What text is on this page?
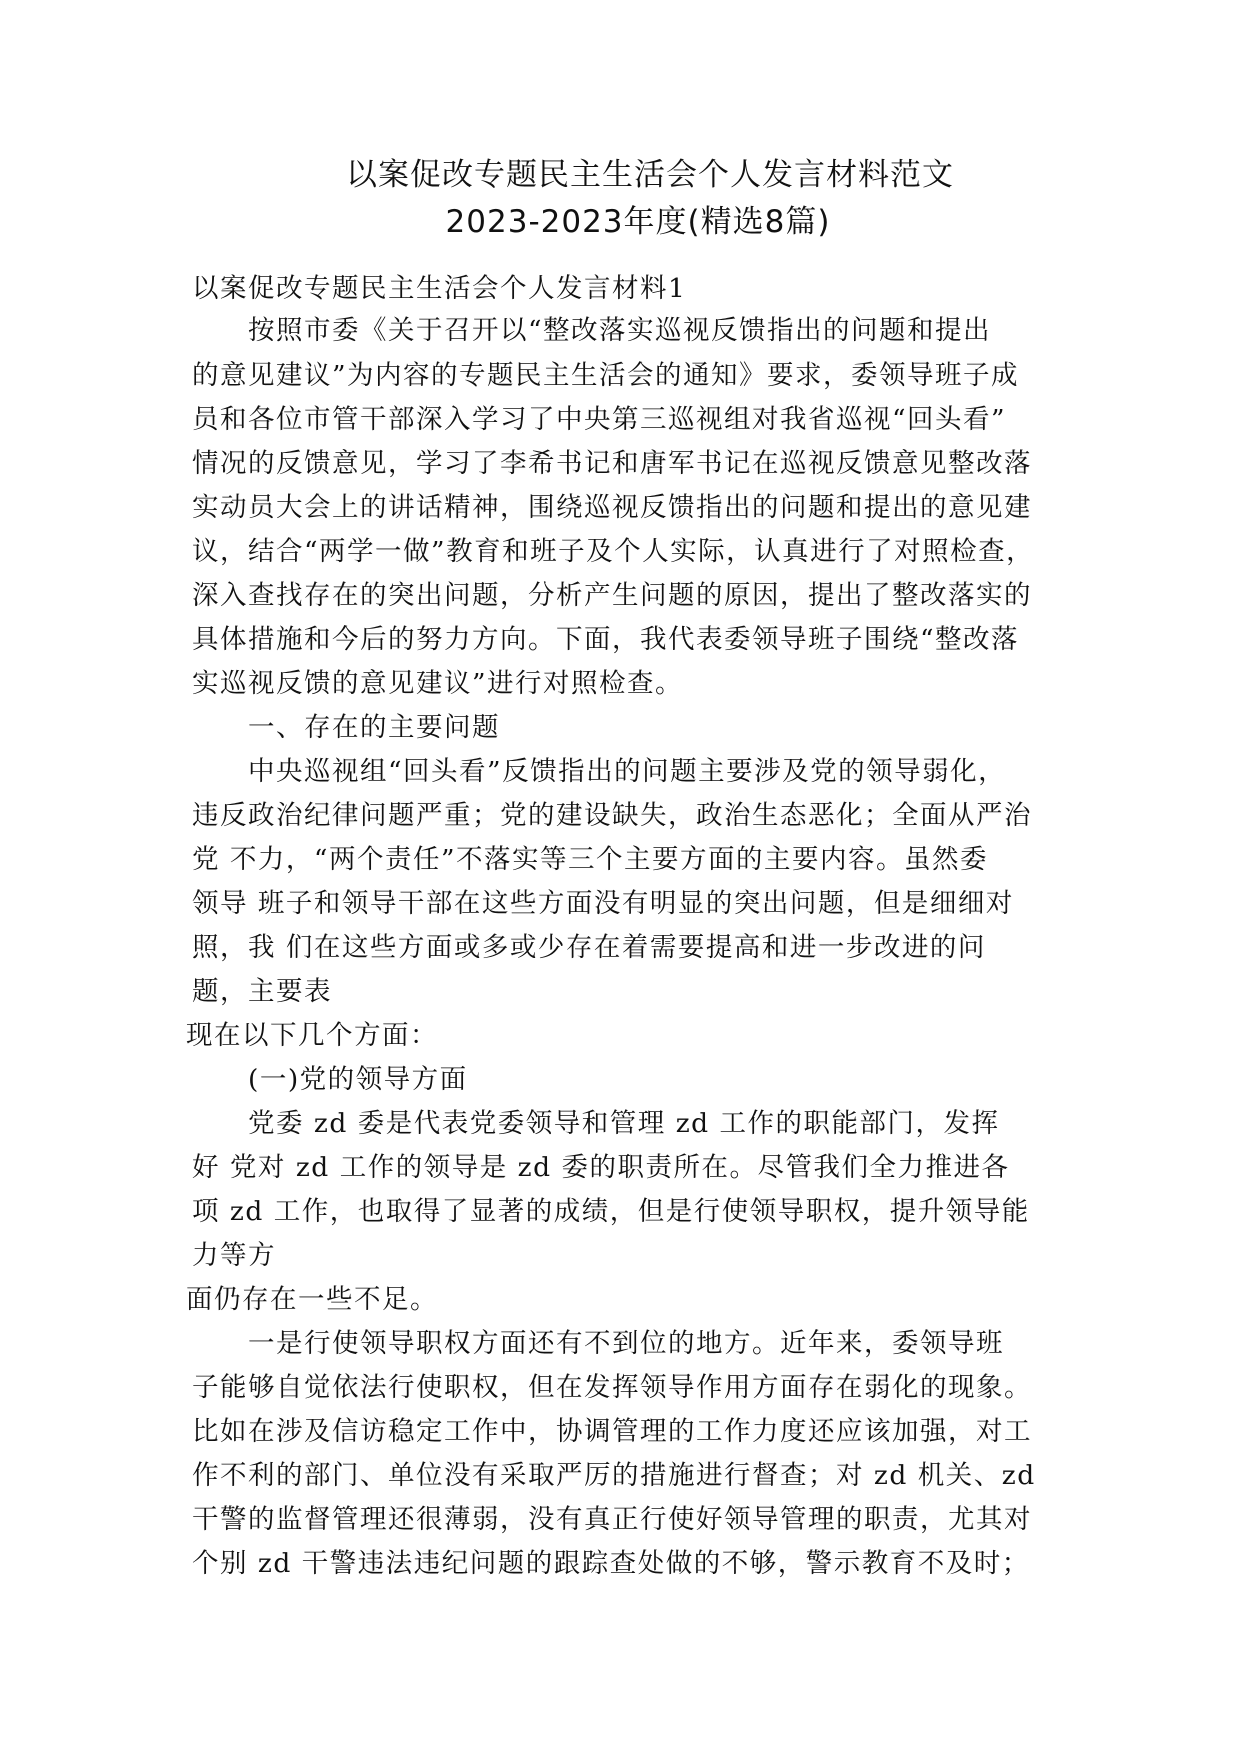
以案促改专题民主生活会个人发言材料范文
2023-2023年度(精选8篇)
以案促改专题民主生活会个人发言材料1
　　按照市委《关于召开以“整改落实巡视反馈指出的问题和提出
的意见建议”为内容的专题民主生活会的通知》要求，委领导班子成
员和各位市管干部深入学习了中央第三巡视组对我省巡视“回头看”
情况的反馈意见，学习了李希书记和唐军书记在巡视反馈意见整改落
实动员大会上的讲话精神，围绕巡视反馈指出的问题和提出的意见建
议，结合“两学一做”教育和班子及个人实际，认真进行了对照检查，
深入查找存在的突出问题，分析产生问题的原因，提出了整改落实的
具体措施和今后的努力方向。下面，我代表委领导班子围绕“整改落
实巡视反馈的意见建议”进行对照检查。
　　一、存在的主要问题
　　中央巡视组“回头看”反馈指出的问题主要涉及党的领导弱化，
违反政治纪律问题严重；党的建设缺失，政治生态恶化；全面从严治
党 不力，“两个责任”不落实等三个主要方面的主要内容。虽然委
领导 班子和领导干部在这些方面没有明显的突出问题，但是细细对
照，我 们在这些方面或多或少存在着需要提高和进一步改进的问
题，主要表
现在以下几个方面：
　　(一)党的领导方面
　　党委 zd 委是代表党委领导和管理 zd 工作的职能部门，发挥
好 党对 zd 工作的领导是 zd 委的职责所在。尽管我们全力推进各
项 zd 工作，也取得了显著的成绩，但是行使领导职权，提升领导能
力等方
面仍存在一些不足。
　　一是行使领导职权方面还有不到位的地方。近年来，委领导班
子能够自觉依法行使职权，但在发挥领导作用方面存在弱化的现象。
比如在涉及信访稳定工作中，协调管理的工作力度还应该加强，对工
作不利的部门、单位没有采取严厉的措施进行督查；对 zd 机关、zd
干警的监督管理还很薄弱，没有真正行使好领导管理的职责，尤其对
个别 zd 干警违法违纪问题的跟踪查处做的不够，警示教育不及时；
